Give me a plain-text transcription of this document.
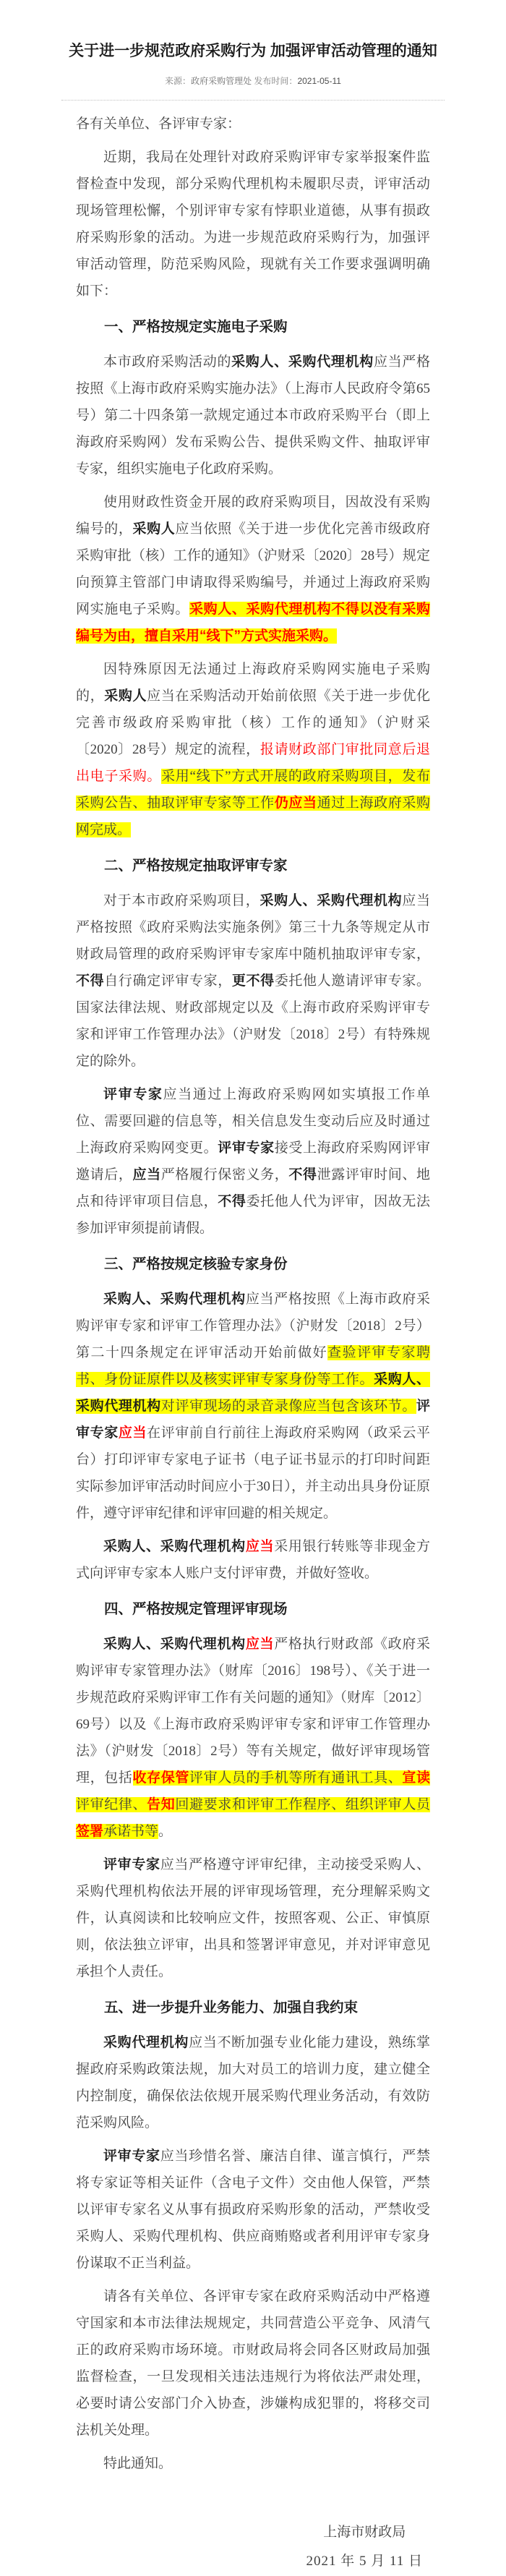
关于进一步规范政府采购行为 加强评审活动管理的通知
来源：政府采购管理处 发布时间：2021-05-11

各有关单位、各评审专家：

近期，我局在处理针对政府采购评审专家举报案件监督检查中发现，部分采购代理机构未履职尽责，评审活动现场管理松懈，个别评审专家有悖职业道德，从事有损政府采购形象的活动。为进一步规范政府采购行为，加强评审活动管理，防范采购风险，现就有关工作要求强调明确如下：

一、严格按规定实施电子采购

本市政府采购活动的采购人、采购代理机构应当严格按照《上海市政府采购实施办法》（上海市人民政府令第65号）第二十四条第一款规定通过本市政府采购平台（即上海政府采购网）发布采购公告、提供采购文件、抽取评审专家，组织实施电子化政府采购。

使用财政性资金开展的政府采购项目，因故没有采购编号的，采购人应当依照《关于进一步优化完善市级政府采购审批（核）工作的通知》（沪财采〔2020〕28号）规定向预算主管部门申请取得采购编号，并通过上海政府采购网实施电子采购。采购人、采购代理机构不得以没有采购编号为由，擅自采用“线下”方式实施采购。

因特殊原因无法通过上海政府采购网实施电子采购的，采购人应当在采购活动开始前依照《关于进一步优化完善市级政府采购审批（核）工作的通知》（沪财采〔2020〕28号）规定的流程，报请财政部门审批同意后退出电子采购。采用“线下”方式开展的政府采购项目，发布采购公告、抽取评审专家等工作仍应当通过上海政府采购网完成。

二、严格按规定抽取评审专家

对于本市政府采购项目，采购人、采购代理机构应当严格按照《政府采购法实施条例》第三十九条等规定从市财政局管理的政府采购评审专家库中随机抽取评审专家，不得自行确定评审专家，更不得委托他人邀请评审专家。国家法律法规、财政部规定以及《上海市政府采购评审专家和评审工作管理办法》（沪财发〔2018〕2号）有特殊规定的除外。

评审专家应当通过上海政府采购网如实填报工作单位、需要回避的信息等，相关信息发生变动后应及时通过上海政府采购网变更。评审专家接受上海政府采购网评审邀请后，应当严格履行保密义务，不得泄露评审时间、地点和待评审项目信息，不得委托他人代为评审，因故无法参加评审须提前请假。

三、严格按规定核验专家身份

采购人、采购代理机构应当严格按照《上海市政府采购评审专家和评审工作管理办法》（沪财发〔2018〕2号）第二十四条规定在评审活动开始前做好查验评审专家聘书、身份证原件以及核实评审专家身份等工作。采购人、采购代理机构对评审现场的录音录像应当包含该环节。评审专家应当在评审前自行前往上海政府采购网（政采云平台）打印评审专家电子证书（电子证书显示的打印时间距实际参加评审活动时间应小于30日），并主动出具身份证原件，遵守评审纪律和评审回避的相关规定。

采购人、采购代理机构应当采用银行转账等非现金方式向评审专家本人账户支付评审费，并做好签收。

四、严格按规定管理评审现场

采购人、采购代理机构应当严格执行财政部《政府采购评审专家管理办法》（财库〔2016〕198号）、《关于进一步规范政府采购评审工作有关问题的通知》（财库〔2012〕69号）以及《上海市政府采购评审专家和评审工作管理办法》（沪财发〔2018〕2号）等有关规定，做好评审现场管理，包括收存保管评审人员的手机等所有通讯工具、宣读评审纪律、告知回避要求和评审工作程序、组织评审人员签署承诺书等。

评审专家应当严格遵守评审纪律，主动接受采购人、采购代理机构依法开展的评审现场管理，充分理解采购文件，认真阅读和比较响应文件，按照客观、公正、审慎原则，依法独立评审，出具和签署评审意见，并对评审意见承担个人责任。

五、进一步提升业务能力、加强自我约束

采购代理机构应当不断加强专业化能力建设，熟练掌握政府采购政策法规，加大对员工的培训力度，建立健全内控制度，确保依法依规开展采购代理业务活动，有效防范采购风险。

评审专家应当珍惜名誉、廉洁自律、谨言慎行，严禁将专家证等相关证件（含电子文件）交由他人保管，严禁以评审专家名义从事有损政府采购形象的活动，严禁收受采购人、采购代理机构、供应商贿赂或者利用评审专家身份谋取不正当利益。

请各有关单位、各评审专家在政府采购活动中严格遵守国家和本市法律法规规定，共同营造公平竞争、风清气正的政府采购市场环境。市财政局将会同各区财政局加强监督检查，一旦发现相关违法违规行为将依法严肃处理，必要时请公安部门介入协查，涉嫌构成犯罪的，将移交司法机关处理。

特此通知。

上海市财政局
2021 年 5 月 11 日
